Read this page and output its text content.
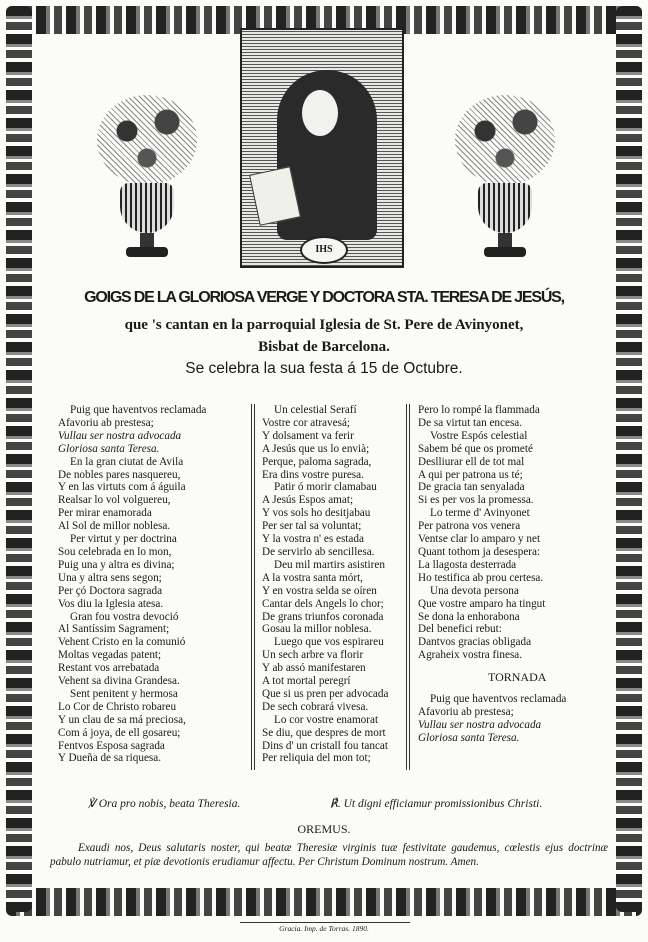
IHS
GOIGS DE LA GLORIOSA VERGE Y DOCTORA STA. TERESA DE JESÚS,
que 's cantan en la parroquial Iglesia de St. Pere de Avinyonet,
Bisbat de Barcelona.
Se celebra la sua festa á 15 de Octubre.
Puig que haventvos reclamada
Afavoriu ab prestesa;
Vullau ser nostra advocada
Gloriosa santa Teresa.
En la gran ciutat de Avila
De nobles pares nasquereu,
Y en las virtuts com á águila
Realsar lo vol volguereu,
Per mirar enamorada
Al Sol de millor noblesa.
Per virtut y per doctrina
Sou celebrada en lo mon,
Puig una y altra es divina;
Una y altra sens segon;
Per çó Doctora sagrada
Vos diu la Iglesia atesa.
Gran fou vostra devoció
Al Santíssim Sagrament;
Vehent Cristo en la comunió
Moltas vegadas patent;
Restant vos arrebatada
Vehent sa divina Grandesa.
Sent penitent y hermosa
Lo Cor de Christo robareu
Y un clau de sa má preciosa,
Com á joya, de ell gosareu;
Fentvos Esposa sagrada
Y Dueña de sa riquesa.
Un celestial Serafí
Vostre cor atravesá;
Y dolsament va ferir
A Jesús que us lo envià;
Perque, paloma sagrada,
Era dins vostre puresa.
Patir ó morir clamabau
A Jesús Espos amat;
Y vos sols ho desitjabau
Per ser tal sa voluntat;
Y la vostra n' es estada
De servirlo ab sencillesa.
Deu mil martirs asistiren
A la vostra santa mórt,
Y en vostra selda se oíren
Cantar dels Angels lo chor;
De grans triunfos coronada
Gosau la millor noblesa.
Luego que vos espirareu
Un sech arbre va florir
Y ab assó manifestaren
A tot mortal peregrí
Que si us pren per advocada
De sech cobrará vivesa.
Lo cor vostre enamorat
Se diu, que despres de mort
Dins d' un cristall fou tancat
Per reliquia del mon tot;
Pero lo rompé la flammada
De sa virtut tan encesa.
Vostre Espós celestial
Sabem bé que os prometé
Deslliurar ell de tot mal
A qui per patrona us té;
De gracia tan senyalada
Si es per vos la promessa.
Lo terme d' Avinyonet
Per patrona vos venera
Ventse clar lo amparo y net
Quant tothom ja desespera:
La llagosta desterrada
Ho testifica ab prou certesa.
Una devota persona
Que vostre amparo ha tingut
Se dona la enhorabona
Del benefici rebut:
Dantvos gracias obligada
Agraheix vostra finesa.
TORNADA
Puig que haventvos reclamada
Afavoriu ab prestesa;
Vullau ser nostra advocada
Gloriosa santa Teresa.
℣ Ora pro nobis, beata Theresia.	℟. Ut digni efficiamur promissionibus Christi.
OREMUS.
Exaudi nos, Deus salutaris noster, qui beatæ Theresiæ virginis tuæ festivitate gaudemus, cœlestis ejus doctrinæ pabulo nutriamur, et piæ devotionis erudiamur affectu. Per Christum Dominum nostrum. Amen.
Gracia. Imp. de Torras. 1890.
